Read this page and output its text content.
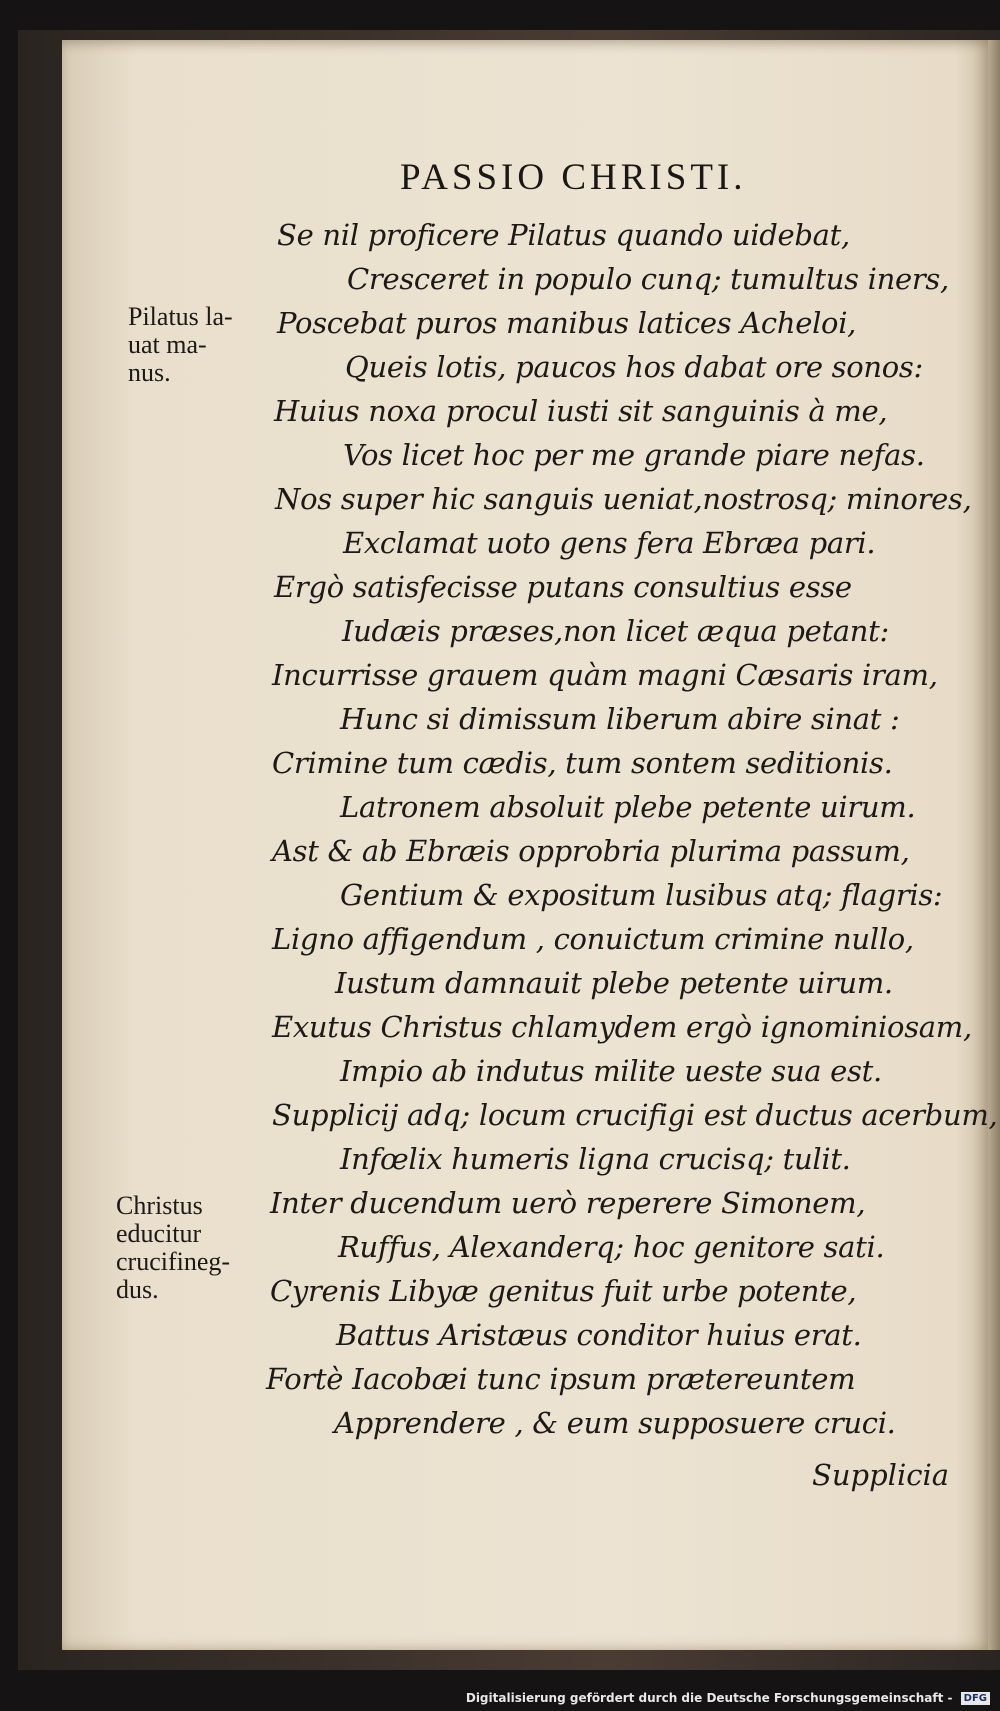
PASSIO CHRISTI.
Pilatus la-
uat ma-
nus.
Christus
educitur
crucifineg-
dus.
Se nil proficere Pilatus quando uidebat,
Cresceret in populo cunq; tumultus iners,
Poscebat puros manibus latices Acheloi,
Queis lotis, paucos hos dabat ore sonos:
Huius noxa procul iusti sit sanguinis à me,
Vos licet hoc per me grande piare nefas.
Nos super hic sanguis ueniat,nostrosq; minores,
Exclamat uoto gens fera Ebræa pari.
Ergò satisfecisse putans consultius esse
Iudæis præses,non licet æqua petant:
Incurrisse grauem quàm magni Cæsaris iram,
Hunc si dimissum liberum abire sinat :
Crimine tum cædis, tum sontem seditionis.
Latronem absoluit plebe petente uirum.
Ast & ab Ebræis opprobria plurima passum,
Gentium & expositum lusibus atq; flagris:
Ligno affigendum , conuictum crimine nullo,
Iustum damnauit plebe petente uirum.
Exutus Christus chlamydem ergò ignominiosam,
Impio ab indutus milite ueste sua est.
Supplicij adq; locum crucifigi est ductus acerbum,
Infœlix humeris ligna crucisq; tulit.
Inter ducendum uerò reperere Simonem,
Ruffus, Alexanderq; hoc genitore sati.
Cyrenis Libyæ genitus fuit urbe potente,
Battus Aristæus conditor huius erat.
Fortè Iacobæi tunc ipsum prætereuntem
Apprendere , & eum supposuere cruci.
Supplicia
Digitalisierung gefördert durch die Deutsche Forschungsgemeinschaft - DFG
